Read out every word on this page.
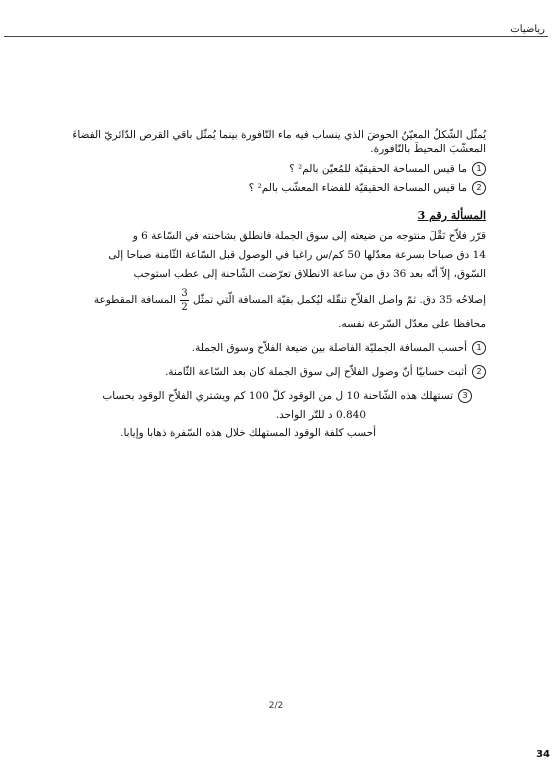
رياضيات

يُمثّل الشّكلُ المعيّنُ الحوضَ الذي ينساب فيه ماء النّافورة بينما يُمثّل باقي القرص الدّائريّ الفضاءَ المعشّبَ المحيطَ بالنّافورة.

1
ما قيس المساحة الحقيقيّة للمُعيّن بالم² ؟
2
ما قيس المساحة الحقيقيّة للفضاء المعشّب بالم² ؟
المسألة رقم 3
قرّر فلاّح نَقْلَ منتوجه من ضيعته إلى سوق الجملة فانطلق بشاحنته في السّاعة 6 و
14 دق صباحا بسرعة معدّلها 50 كم/س راغبا في الوصول قبل السّاعة الثّامنة صباحا إلى
السّوق، إلاّ أنّه بعد 36 دق من ساعة الانطلاق تعرّضت الشّاحنة إلى عطب استوجب
إصلاحُه 35 دق. ثمّ واصل الفلاّح تنقّله ليُكمل بقيّة المسافة الّتي تمثّل
$\frac{3}{2}$
المسافة المقطوعة
محافظا على معدّل السّرعة نفسه.
1
أحسب المسافة الجمليّة الفاصلة بين ضيعة الفلاّح وسوق الجملة.
2
أثبت حسابيّا أنّ وصول الفلاّح إلى سوق الجملة كان بعد السّاعة الثّامنة.
3
تستهلك هذه الشّاحنة 10 ل من الوقود كلّ 100 كم ويشتري الفلاّح الوقود بحساب
0.840 د للتّر الواحد.
أحسب كلفة الوقود المستهلك خلال هذه السّفرة ذهابا وإيابا.
2/2
34
